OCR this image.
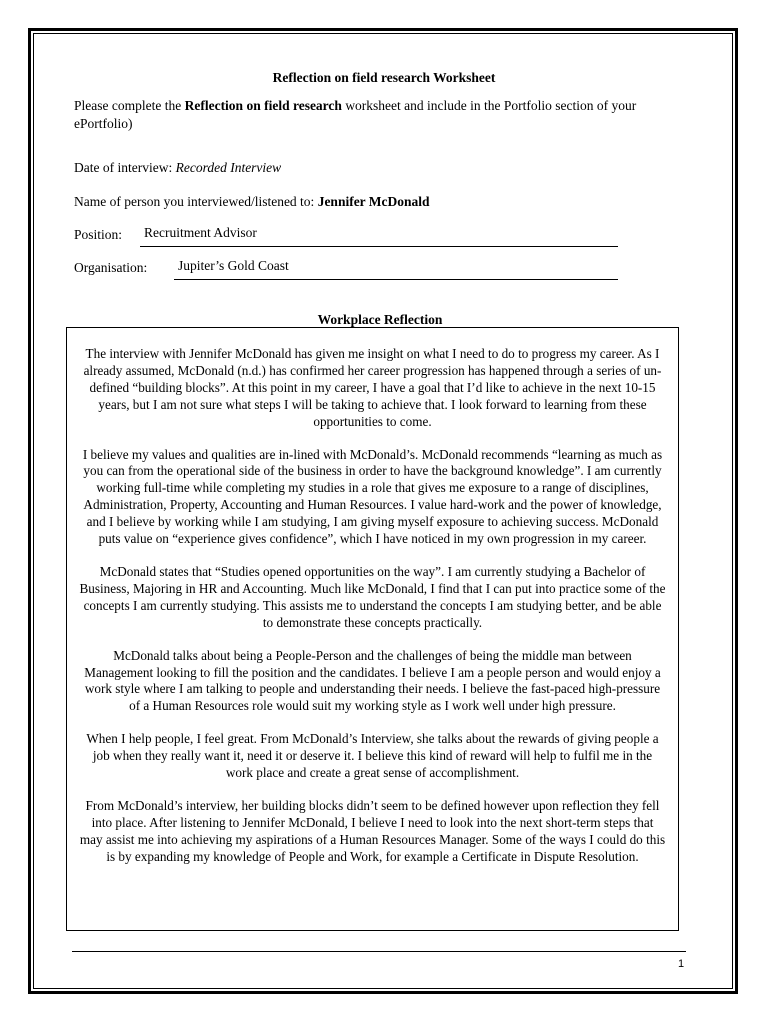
Reflection on field research Worksheet
Please complete the Reflection on field research worksheet and include in the Portfolio section of your ePortfolio)
Date of interview: Recorded Interview
Name of person you interviewed/listened to: Jennifer McDonald
Position: Recruitment Advisor
Organisation: Jupiter’s Gold Coast
Workplace Reflection

The interview with Jennifer McDonald has given me insight on what I need to do to progress my career. As I already assumed, McDonald (n.d.) has confirmed her career progression has happened through a series of un-defined “building blocks”. At this point in my career, I have a goal that I’d like to achieve in the next 10-15 years, but I am not sure what steps I will be taking to achieve that. I look forward to learning from these opportunities to come.

I believe my values and qualities are in-lined with McDonald’s. McDonald recommends “learning as much as you can from the operational side of the business in order to have the background knowledge”. I am currently working full-time while completing my studies in a role that gives me exposure to a range of disciplines, Administration, Property, Accounting and Human Resources. I value hard-work and the power of knowledge, and I believe by working while I am studying, I am giving myself exposure to achieving success. McDonald puts value on “experience gives confidence”, which I have noticed in my own progression in my career.

McDonald states that “Studies opened opportunities on the way”. I am currently studying a Bachelor of Business, Majoring in HR and Accounting. Much like McDonald, I find that I can put into practice some of the concepts I am currently studying. This assists me to understand the concepts I am studying better, and be able to demonstrate these concepts practically.

McDonald talks about being a People-Person and the challenges of being the middle man between Management looking to fill the position and the candidates. I believe I am a people person and would enjoy a work style where I am talking to people and understanding their needs. I believe the fast-paced high-pressure of a Human Resources role would suit my working style as I work well under high pressure.

When I help people, I feel great. From McDonald’s Interview, she talks about the rewards of giving people a job when they really want it, need it or deserve it. I believe this kind of reward will help to fulfil me in the work place and create a great sense of accomplishment.

From McDonald’s interview, her building blocks didn’t seem to be defined however upon reflection they fell into place. After listening to Jennifer McDonald, I believe I need to look into the next short-term steps that may assist me into achieving my aspirations of a Human Resources Manager. Some of the ways I could do this is by expanding my knowledge of People and Work, for example a Certificate in Dispute Resolution.

1
